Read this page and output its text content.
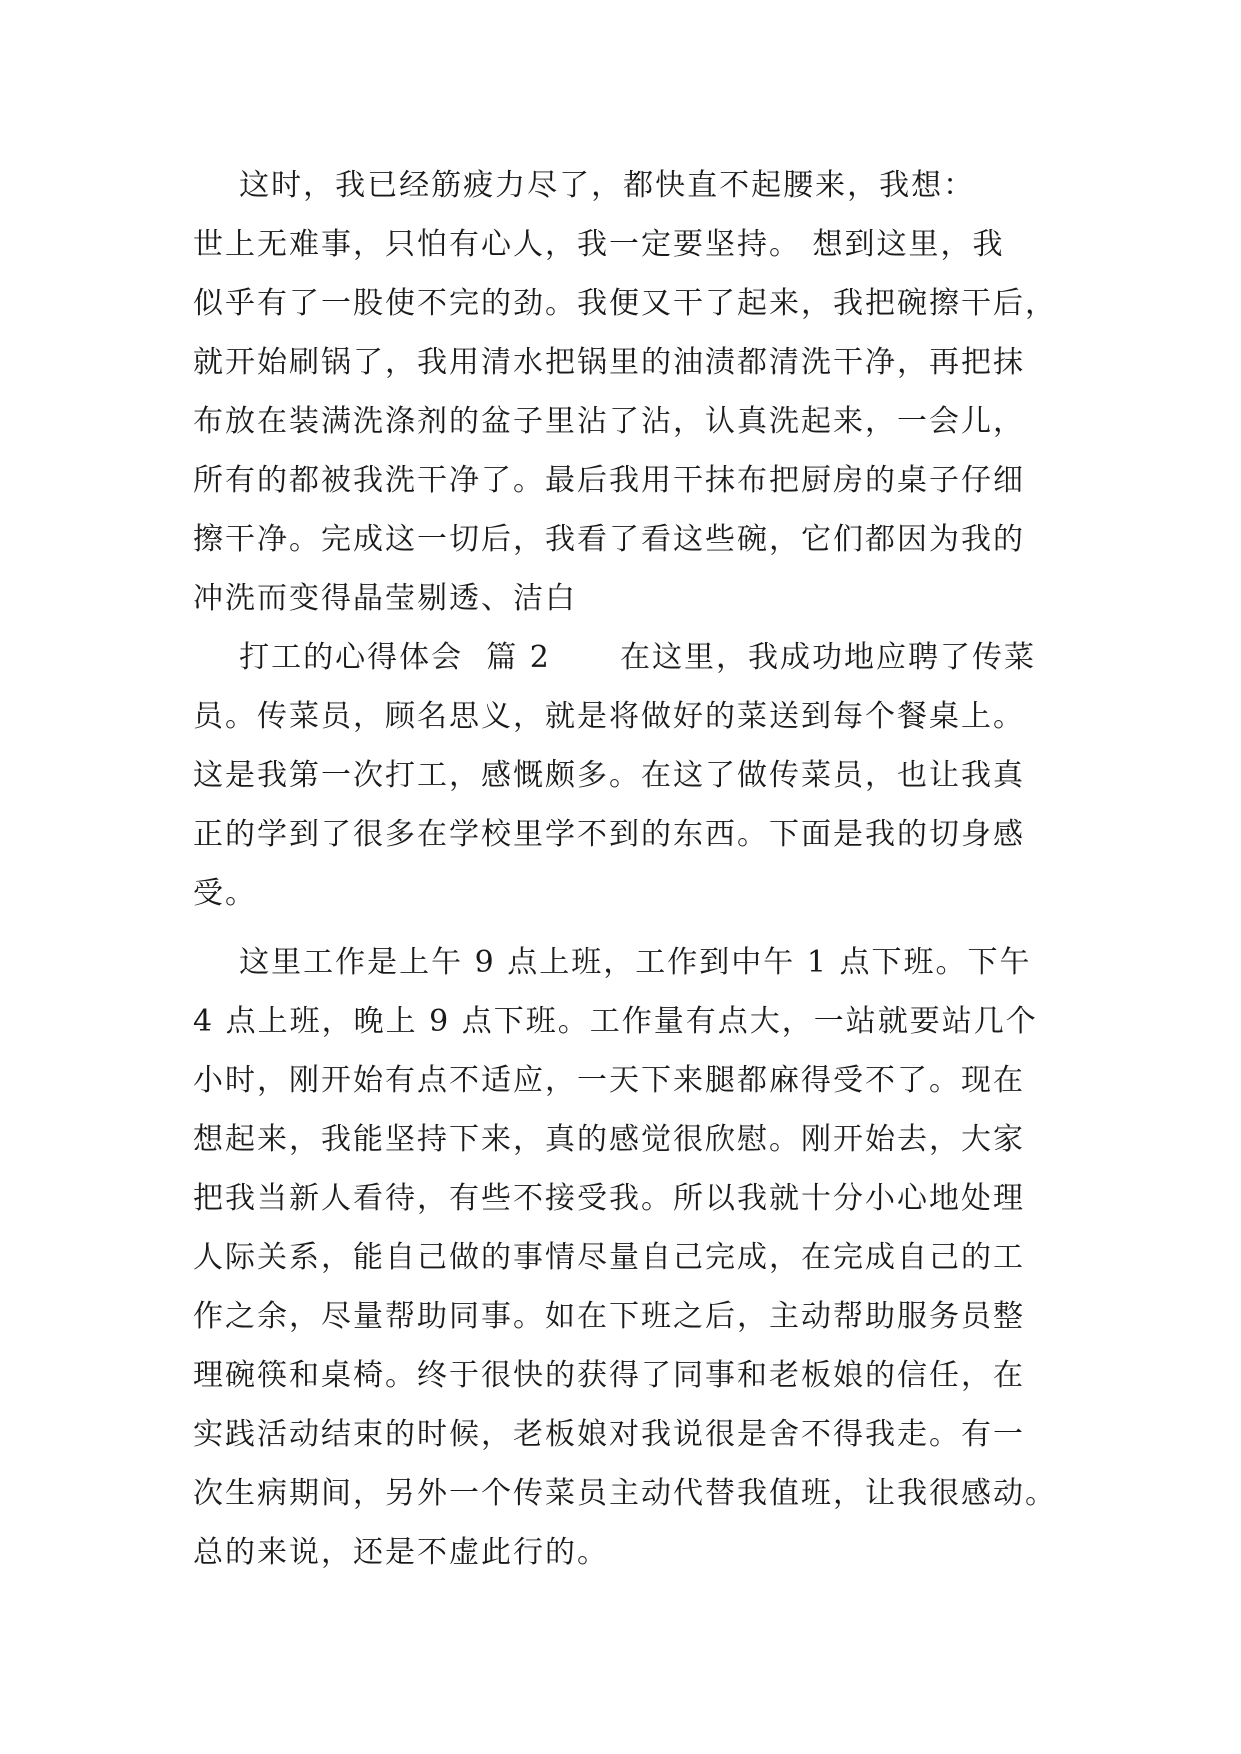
这时，我已经筋疲力尽了，都快直不起腰来，我想：
世上无难事，只怕有心人，我一定要坚持。 想到这里，我
似乎有了一股使不完的劲。我便又干了起来，我把碗擦干后，
就开始刷锅了，我用清水把锅里的油渍都清洗干净，再把抹
布放在装满洗涤剂的盆子里沾了沾，认真洗起来，一会儿，
所有的都被我洗干净了。最后我用干抹布把厨房的桌子仔细
擦干净。完成这一切后，我看了看这些碗，它们都因为我的
冲洗而变得晶莹剔透、洁白
打工的心得体会  篇 2      在这里，我成功地应聘了传菜
员。传菜员，顾名思义，就是将做好的菜送到每个餐桌上。
这是我第一次打工，感慨颇多。在这了做传菜员，也让我真
正的学到了很多在学校里学不到的东西。下面是我的切身感
受。
这里工作是上午 9 点上班，工作到中午 1 点下班。下午
4 点上班，晚上 9 点下班。工作量有点大，一站就要站几个
小时，刚开始有点不适应，一天下来腿都麻得受不了。现在
想起来，我能坚持下来，真的感觉很欣慰。刚开始去，大家
把我当新人看待，有些不接受我。所以我就十分小心地处理
人际关系，能自己做的事情尽量自己完成，在完成自己的工
作之余，尽量帮助同事。如在下班之后，主动帮助服务员整
理碗筷和桌椅。终于很快的获得了同事和老板娘的信任，在
实践活动结束的时候，老板娘对我说很是舍不得我走。有一
次生病期间，另外一个传菜员主动代替我值班，让我很感动。
总的来说，还是不虚此行的。
